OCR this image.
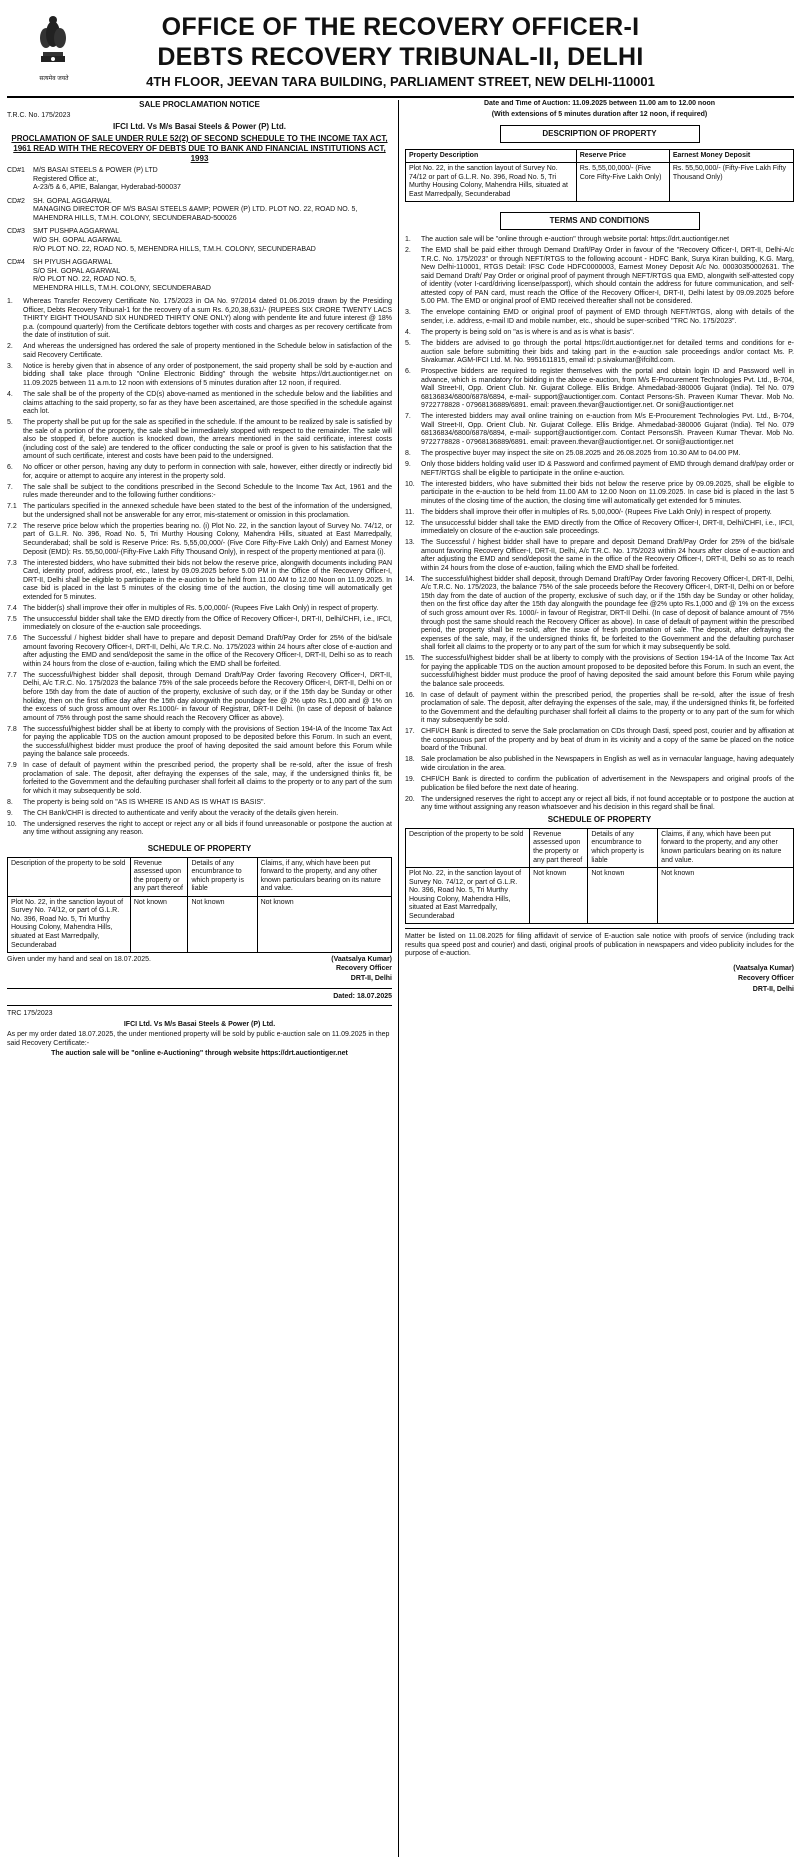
सत्यमेव जयते
OFFICE OF THE RECOVERY OFFICER-I
DEBTS RECOVERY TRIBUNAL-II, DELHI
4TH FLOOR, JEEVAN TARA BUILDING, PARLIAMENT STREET, NEW DELHI-110001

SALE PROCLAMATION NOTICE

T.R.C. No. 175/2023

IFCI Ltd. Vs M/s Basai Steels & Power (P) Ltd.

PROCLAMATION OF SALE UNDER RULE 52(2) OF SECOND SCHEDULE TO THE INCOME TAX ACT, 1961 READ WITH THE RECOVERY OF DEBTS DUE TO BANK AND FINANCIAL INSTITUTIONS ACT, 1993

CD#1	M/S BASAI STEELS & POWER (P) LTD
Registered Office at:,
A-23/5 & 6, APIE, Balangar, Hyderabad-500037
CD#2	SH. GOPAL AGGARWAL
MANAGING DIRECTOR OF M/S BASAI STEELS &AMP; POWER (P) LTD. PLOT NO. 22, ROAD NO. 5, MAHENDRA HILLS, T.M.H. COLONY, SECUNDERABAD-500026
CD#3	SMT PUSHPA AGGARWAL
W/O SH. GOPAL AGARWAL
R/O PLOT NO. 22, ROAD NO. 5, MEHENDRA HILLS, T.M.H. COLONY, SECUNDERABAD
CD#4	SH PIYUSH AGGARWAL
S/O SH. GOPAL AGARWAL
R/O PLOT NO. 22, ROAD NO. 5,
MEHENDRA HILLS, T.M.H. COLONY, SECUNDERABAD
1.	Whereas Transfer Recovery Certificate No. 175/2023 in OA No. 97/2014 dated 01.06.2019 drawn by the Presiding Officer, Debts Recovery Tribunal-1 for the recovery of a sum Rs. 6,20,38,631/- (RUPEES SIX CRORE TWENTY LACS THIRTY EIGHT THOUSAND SIX HUNDRED THIRTY ONE ONLY) along with pendente lite and future interest @ 18% p.a. (compound quarterly) from the Certificate debtors together with costs and charges as per recovery certificate from the date of institution of suit.
2.	And whereas the undersigned has ordered the sale of property mentioned in the Schedule below in satisfaction of the said Recovery Certificate.
3.	Notice is hereby given that in absence of any order of postponement, the said property shall be sold by e-auction and bidding shall take place through "Online Electronic Bidding" through the website https://drt.auctiontiger.net on 11.09.2025 between 11 a.m.to 12 noon with extensions of 5 minutes duration after 12 noon, if required.
4.	The sale shall be of the property of the CD(s) above-named as mentioned in the schedule below and the liabilities and claims attaching to the said property, so far as they have been ascertained, are those specified in the schedule against each lot.
5.	The property shall be put up for the sale as specified in the schedule. If the amount to be realized by sale is satisfied by the sale of a portion of the property, the sale shall be immediately stopped with respect to the remainder. The sale will also be stopped if, before auction is knocked down, the arrears mentioned in the said certificate, interest costs (including cost of the sale) are tendered to the officer conducting the sale or proof is given to his satisfaction that the amount of such certificate, interest and costs have been paid to the undersigned.
6.	No officer or other person, having any duty to perform in connection with sale, however, either directly or indirectly bid for, acquire or attempt to acquire any interest in the property sold.
7.	The sale shall be subject to the conditions prescribed in the Second Schedule to the Income Tax Act, 1961 and the rules made thereunder and to the following further conditions:-
7.1 The particulars specified in the annexed schedule have been stated to the best of the information of the undersigned, but the undersigned shall not be answerable for any error, mis-statement or omission in this proclamation.
7.2 The reserve price below which the properties bearing no. (i) Plot No. 22, in the sanction layout of Survey No. 74/12, or part of G.L.R. No. 396, Road No. 5, Tri Murthy Housing Colony, Mahendra Hills, situated at East Marredpally, Secunderabad; shall be sold is Reserve Price: Rs. 5,55,00,000/- (Five Core Fifty-Five Lakh Only) and Earnest Money Deposit (EMD): Rs. 55,50,000/-(Fifty-Five Lakh Fifty Thousand Only), in respect of the property mentioned at para (i).
7.3 The interested bidders, who have submitted their bids not below the reserve price, alongwith documents including PAN Card, identity proof, address proof, etc., latest by 09.09.2025 before 5.00 PM in the Office of the Recovery Officer-I, DRT-II, Delhi shall be eligible to participate in the e-auction to be held from 11.00 AM to 12.00 Noon on 11.09.2025. In case bid is placed in the last 5 minutes of the closing time of the auction, the closing time will automatically get extended for 5 minutes.
7.4 The bidder(s) shall improve their offer in multiples of Rs. 5,00,000/- (Rupees Five Lakh Only) in respect of property.
7.5 The unsuccessful bidder shall take the EMD directly from the Office of Recovery Officer-I, DRT-II, Delhi/CHFI, i.e., IFCI, immediately on closure of the e-auction sale proceedings.
7.6 The Successful / highest bidder shall have to prepare and deposit Demand Draft/Pay Order for 25% of the bid/sale amount favoring Recovery Officer-I, DRT-II, Delhi, A/c T.R.C. No. 175/2023 within 24 hours after close of e-auction and after adjusting the EMD and send/deposit the same in the office of the Recovery Officer-I, DRT-II, Delhi so as to reach within 24 hours from the close of e-auction, failing which the EMD shall be forfeited.
7.7 The successful/highest bidder shall deposit, through Demand Draft/Pay Order favoring Recovery Officer-I, DRT-II, Delhi, A/c T.R.C. No. 175/2023 the balance 75% of the sale proceeds before the Recovery Officer-I, DRT-II, Delhi on or before 15th day from the date of auction of the property, exclusive of such day, or if the 15th day be Sunday or other holiday, then on the first office day after the 15th day alongwith the poundage fee @ 2% upto Rs.1,000 and @ 1% on the excess of such gross amount over Rs.1000/- in favour of Registrar, DRT-II Delhi. (In case of deposit of balance amount of 75% through post the same should reach the Recovery Officer as above).
7.8 The successful/highest bidder shall be at liberty to comply with the provisions of Section 194-IA of the Income Tax Act for paying the applicable TDS on the auction amount proposed to be deposited before this Forum. In such an event, the successful/highest bidder must produce the proof of having deposited the said amount before this Forum while paying the balance sale proceeds.
7.9 In case of default of payment within the prescribed period, the property shall be re-sold, after the issue of fresh proclamation of sale. The deposit, after defraying the expenses of the sale, may, if the undersigned thinks fit, be forfeited to the Government and the defaulting purchaser shall forfeit all claims to the property or to any part of the sum for which it may subsequently be sold.
8.	The property is being sold on "AS IS WHERE IS AND AS IS WHAT IS BASIS".
9.	The CH Bank/CHFI is directed to authenticate and verify about the veracity of the details given herein.
10. The undersigned reserves the right to accept or reject any or all bids if found unreasonable or postpone the auction at any time without assigning any reason.

SCHEDULE OF PROPERTY

Description of the property to be sold	Revenue assessed upon the property or any part thereof	Details of any encumbrance to which property is liable	Claims, if any, which have been put forward to the property, and any other known particulars bearing on its nature and value.
Plot No. 22, in the sanction layout of Survey No. 74/12, or part of G.L.R. No. 396, Road No. 5, Tri Murthy Housing Colony, Mahendra Hills, situated at East Marredpally, Secunderabad	Not known	Not known	Not known
Given under my hand and seal on 18.07.2025.	(Vaatsalya Kumar)

Recovery Officer

DRT-II, Delhi

Dated: 18.07.2025

TRC 175/2023

IFCI Ltd. Vs M/s Basai Steels & Power (P) Ltd.

As per my order dated 18.07.2025, the under mentioned property will be sold by public e-auction sale on 11.09.2025 in thep said Recovery Certificate:-

The auction sale will be "online e-Auctioning" through website https://drt.auctiontiger.net

Date and Time of Auction: 11.09.2025 between 11.00 am to 12.00 noon

(With extensions of 5 minutes duration after 12 noon, if required)

DESCRIPTION OF PROPERTY
Property Description	Reserve Price	Earnest Money Deposit
Plot No. 22, in the sanction layout of Survey No. 74/12 or part of G.L.R. No. 396, Road No. 5, Tri Murthy Housing Colony, Mahendra Hills, situated at East Marredpally, Secunderabad	Rs. 5,55,00,000/- (Five Core Fifty-Five Lakh Only)	Rs. 55,50,000/- (Fifty-Five Lakh Fifty Thousand Only)
TERMS AND CONDITIONS
1.	The auction sale will be "online through e-auction" through website portal: https://drt.auctiontiger.net
2.	The EMD shall be paid either through Demand Draft/Pay Order in favour of the "Recovery Officer-I, DRT-II, Delhi-A/c T.R.C. No. 175/2023" or through NEFT/RTGS to the following account - HDFC Bank, Surya Kiran building, K.G. Marg, New Delhi-110001, RTGS Detail: IFSC Code HDFC0000003, Earnest Money Deposit A/c No. 00030350002631. The said Demand Draft/ Pay Order or original proof of payment through NEFT/RTGS qua EMD, alongwith self-attested copy of identity (voter I-card/driving license/passport), which should contain the address for future communication, and self-attested copy of PAN card, must reach the Office of the Recovery Officer-I, DRT-II, Delhi latest by 09.09.2025 before 5.00 PM. The EMD or original proof of EMD received thereafter shall not be considered.
3.	The envelope containing EMD or original proof of payment of EMD through NEFT/RTGS, along with details of the sender, i.e. address, e-mail ID and mobile number, etc., should be super-scribed "TRC No. 175/2023".
4.	The property is being sold on "as is where is and as is what is basis".
5.	The bidders are advised to go through the portal https://drt.auctiontiger.net for detailed terms and conditions for e-auction sale before submitting their bids and taking part in the e-auction sale proceedings and/or contact Ms. P. Sivakumar. AGM-IFCI Ltd. M. No. 9951611815, email id: p.sivakumar@ifciltd.com.
6.	Prospective bidders are required to register themselves with the portal and obtain login ID and Password well in advance, which is mandatory for bidding in the above e-auction, from M/s E-Procurement Technologies Pvt. Ltd., B-704, Wall Street-II, Opp. Orient Club. Nr. Gujarat College. Ellis Bridge. Ahmedabad-380006 Gujarat (India). Tel No. 079 68136834/6800/6878/6894, e-mail- support@auctiontiger.com. Contact Persons-Sh. Praveen Kumar Thevar. Mob No. 9722778828 - 07968136889/6891. email: praveen.thevar@auctiontiger.net. Or soni@auctiontiger.net
7.	The interested bidders may avail online training on e-auction from M/s E-Procurement Technologies Pvt. Ltd., B-704, Wall Street-II, Opp. Orient Club. Nr. Gujarat College. Ellis Bridge. Ahmedabad-380006 Gujarat (India). Tel No. 079 68136834/6800/6878/6894, e-mail- support@auctiontiger.com. Contact PersonsSh. Praveen Kumar Thevar. Mob No. 9722778828 - 07968136889/6891. email: praveen.thevar@auctiontiger.net. Or soni@auctiontiger.net
8.	The prospective buyer may inspect the site on 25.08.2025 and 26.08.2025 from 10.30 AM to 04.00 PM.
9.	Only those bidders holding valid user ID & Password and confirmed payment of EMD through demand draft/pay order or NEFT/RTGS shall be eligible to participate in the online e-auction.
10. The interested bidders, who have submitted their bids not below the reserve price by 09.09.2025, shall be eligible to participate in the e-auction to be held from 11.00 AM to 12.00 Noon on 11.09.2025. In case bid is placed in the last 5 minutes of the closing time of the auction, the closing time will automatically get extended for 5 minutes.
11. The bidders shall improve their offer in multiples of Rs. 5,00,000/- (Rupees Five Lakh Only) in respect of property.
12. The unsuccessful bidder shall take the EMD directly from the Office of Recovery Officer-I, DRT-II, Delhi/CHFI, i.e., IFCI, immediately on closure of the e-auction sale proceedings.
13. The Successful / highest bidder shall have to prepare and deposit Demand Draft/Pay Order for 25% of the bid/sale amount favoring Recovery Officer-I, DRT-II, Delhi, A/c T.R.C. No. 175/2023 within 24 hours after close of e-auction and after adjusting the EMD and send/deposit the same in the office of the Recovery Officer-I, DRT-II, Delhi so as to reach within 24 hours from the close of e-auction, failing which the EMD shall be forfeited.
14. The successful/highest bidder shall deposit, through Demand Draft/Pay Order favoring Recovery Officer-I, DRT-II, Delhi, A/c T.R.C. No. 175/2023, the balance 75% of the sale proceeds before the Recovery Officer-I, DRT-II, Delhi on or before 15th day from the date of auction of the property, exclusive of such day, or if the 15th day be Sunday or other holiday, then on the first office day after the 15th day alongwith the poundage fee @2% upto Rs.1,000 and @ 1% on the excess of such gross amount over Rs. 1000/- in favour of Registrar, DRT-II Delhi. (In case of deposit of balance amount of 75% through post the same should reach the Recovery Officer as above). In case of default of payment within the prescribed period, the property shall be re-sold, after the issue of fresh proclamation of sale. The deposit, after defraying the expenses of the sale, may, if the undersigned thinks fit, be forfeited to the Government and the defaulting purchaser shall forfeit all claims to the property or to any part of the sum for which it may subsequently be sold.
15. The successful/highest bidder shall be at liberty to comply with the provisions of Section 194-1A of the Income Tax Act for paying the applicable TDS on the auction amount proposed to be deposited before this Forum. In such an event, the successful/highest bidder must produce the proof of having deposited the said amount before this Forum while paying the balance sale proceeds.
16. In case of default of payment within the prescribed period, the properties shall be re-sold, after the issue of fresh proclamation of sale. The deposit, after defraying the expenses of the sale, may, if the undersigned thinks fit, be forfeited to the Government and the defaulting purchaser shall forfeit all claims to the property or to any part of the sum for which it may subsequently be sold.
17. CHFI/CH Bank is directed to serve the Sale proclamation on CDs through Dasti, speed post, courier and by affixation at the conspicuous part of the property and by beat of drum in its vicinity and a copy of the same be placed on the notice board of the Tribunal.
18. Sale proclamation be also published in the Newspapers in English as well as in vernacular language, having adequately wide circulation in the area.
19. CHFI/CH Bank is directed to confirm the publication of advertisement in the Newspapers and original proofs of the publication be filed before the next date of hearing.
20. The undersigned reserves the right to accept any or reject all bids, if not found acceptable or to postpone the auction at any time without assigning any reason whatsoever and his decision in this regard shall be final.

SCHEDULE OF PROPERTY

Description of the property to be sold	Revenue assessed upon the property or any part thereof	Details of any encumbrance to which property is liable	Claims, if any, which have been put forward to the property, and any other known particulars bearing on its nature and value.
Plot No. 22, in the sanction layout of Survey No. 74/12, or part of G.L.R. No. 396, Road No. 5, Tri Murthy Housing Colony, Mahendra Hills, situated at East Marredpally, Secunderabad	Not known	Not known	Not known

Matter be listed on 11.08.2025 for filing affidavit of service of E-auction sale notice with proofs of service (including track results qua speed post and courier) and dasti, original proofs of publication in newspapers and video publicity includes for the purpose of e-auction.

(Vaatsalya Kumar)

Recovery Officer

DRT-II, Delhi
